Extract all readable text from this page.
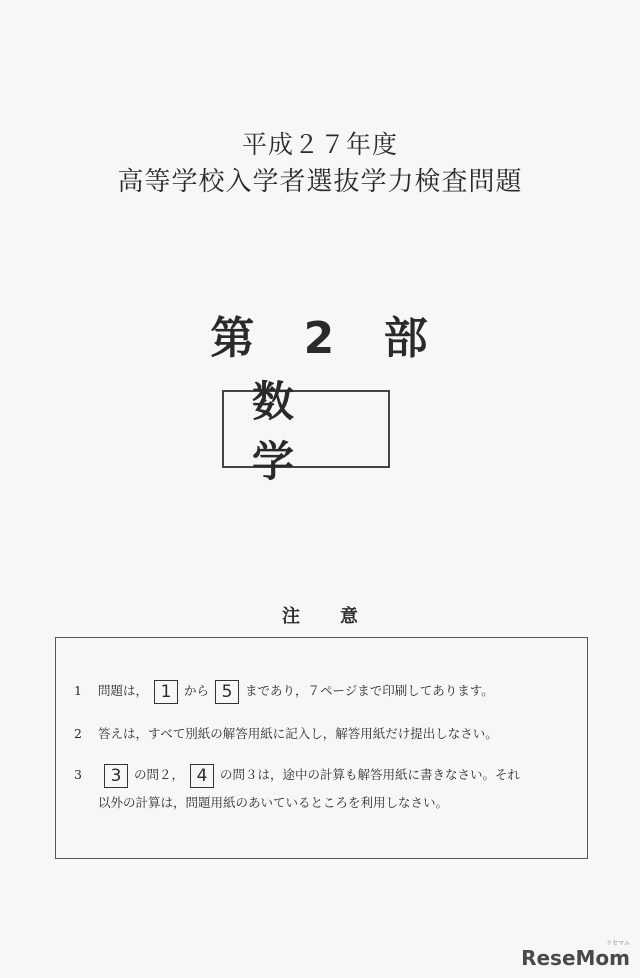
平成２７年度
高等学校入学者選抜学力検査問題
第 2 部
数学
注意
1 問題は， 1 から 5 まであり，７ページまで印刷してあります。
2 答えは，すべて別紙の解答用紙に記入し，解答用紙だけ提出しなさい。
3 3 の問２， 4 の問３は，途中の計算も解答用紙に書きなさい。それ
以外の計算は，問題用紙のあいているところを利用しなさい。
リセマム
ReseMom
